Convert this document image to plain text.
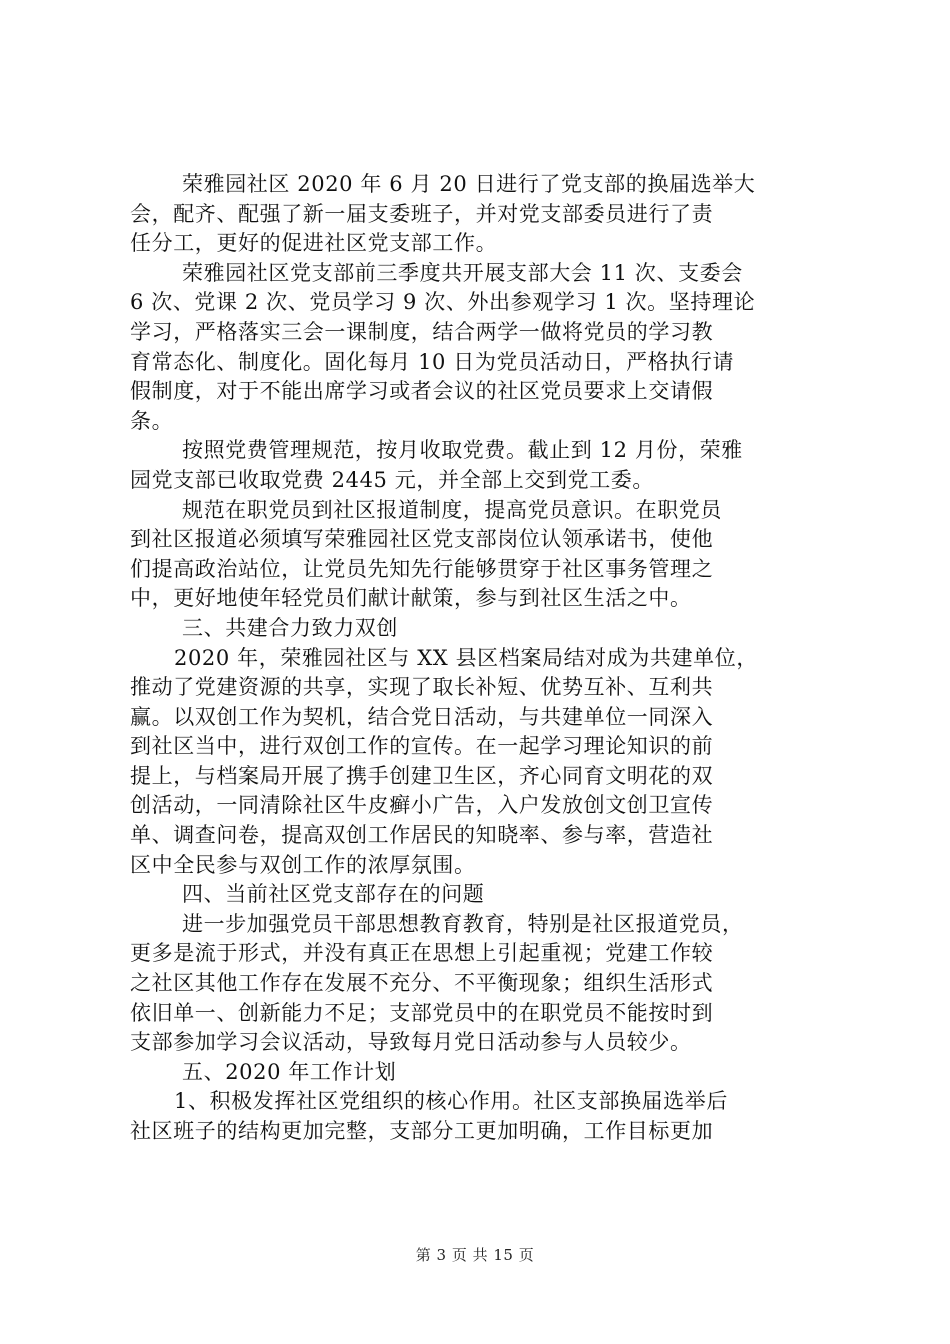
荣雅园社区 2020 年 6 月 20 日进行了党支部的换届选举大
会，配齐、配强了新一届支委班子，并对党支部委员进行了责
任分工，更好的促进社区党支部工作。
荣雅园社区党支部前三季度共开展支部大会 11 次、支委会
6 次、党课 2 次、党员学习 9 次、外出参观学习 1 次。坚持理论
学习，严格落实三会一课制度，结合两学一做将党员的学习教
育常态化、制度化。固化每月 10 日为党员活动日，严格执行请
假制度，对于不能出席学习或者会议的社区党员要求上交请假
条。
按照党费管理规范，按月收取党费。截止到 12 月份，荣雅
园党支部已收取党费 2445 元，并全部上交到党工委。
规范在职党员到社区报道制度，提高党员意识。在职党员
到社区报道必须填写荣雅园社区党支部岗位认领承诺书，使他
们提高政治站位，让党员先知先行能够贯穿于社区事务管理之
中，更好地使年轻党员们献计献策，参与到社区生活之中。
三、共建合力致力双创
2020 年，荣雅园社区与 XX 县区档案局结对成为共建单位，
推动了党建资源的共享，实现了取长补短、优势互补、互利共
赢。以双创工作为契机，结合党日活动，与共建单位一同深入
到社区当中，进行双创工作的宣传。在一起学习理论知识的前
提上，与档案局开展了携手创建卫生区，齐心同育文明花的双
创活动，一同清除社区牛皮癣小广告，入户发放创文创卫宣传
单、调查问卷，提高双创工作居民的知晓率、参与率，营造社
区中全民参与双创工作的浓厚氛围。
四、当前社区党支部存在的问题
进一步加强党员干部思想教育教育，特别是社区报道党员，
更多是流于形式，并没有真正在思想上引起重视；党建工作较
之社区其他工作存在发展不充分、不平衡现象；组织生活形式
依旧单一、创新能力不足；支部党员中的在职党员不能按时到
支部参加学习会议活动，导致每月党日活动参与人员较少。
五、2020 年工作计划
1、积极发挥社区党组织的核心作用。社区支部换届选举后
社区班子的结构更加完整，支部分工更加明确，工作目标更加
第 3 页 共 15 页
